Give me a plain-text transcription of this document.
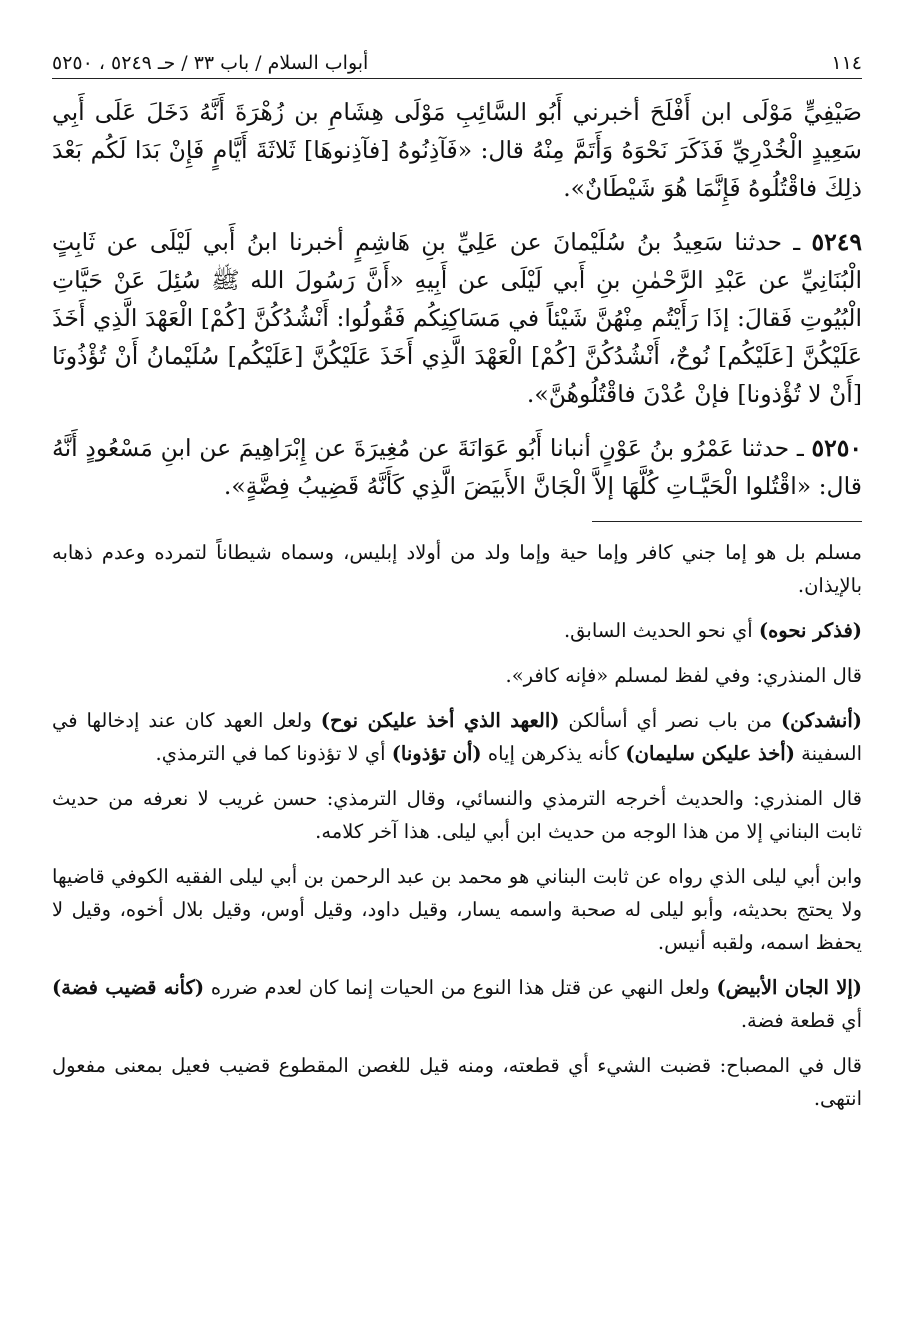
١١٤
أبواب السلام / باب ٣٣ / حـ ٥٢٤٩ ، ٥٢٥٠

صَيْفِيٍّ مَوْلَى ابن أَفْلَحَ أخبرني أَبُو السَّائِبِ مَوْلَى هِشَامِ بن زُهْرَةَ أَنَّهُ دَخَلَ عَلَى أَبِي سَعِيدٍ الْخُدْرِيِّ فَذَكَرَ نَحْوَهُ وَأَتَمَّ مِنْهُ قال: «فَآذِنُوهُ [فآذِنوهَا] ثَلاثَةَ أَيَّامٍ فَإِنْ بَدَا لَكُم بَعْدَ ذلِكَ فاقْتُلُوهُ فَإِنَّمَا هُوَ شَيْطَانٌ».

٥٢٤٩ ـ حدثنا سَعِيدُ بنُ سُلَيْمانَ عن عَلِيِّ بنِ هَاشِمٍ أخبرنا ابنُ أَبي لَيْلَى عن ثَابِتٍ الْبُنَانِيِّ عن عَبْدِ الرَّحْمٰنِ بنِ أَبي لَيْلَى عن أَبِيهِ «أَنَّ رَسُولَ الله ﷺ سُئِلَ عَنْ حَيَّاتِ الْبُيُوتِ فَقالَ: إذَا رَأَيْتُم مِنْهُنَّ شَيْئاً في مَسَاكِنِكُم فَقُولُوا: أَنْشُدُكُنَّ [كُمْ] الْعَهْدَ الَّذِي أَخَذَ عَلَيْكُنَّ [عَلَيْكُم] نُوحٌ، أَنْشُدُكُنَّ [كُمْ] الْعَهْدَ الَّذِي أَخَذَ عَلَيْكُنَّ [عَلَيْكُم] سُلَيْمانُ أَنْ تُؤْذُونَا [أَنْ لا تُؤْذونا] فإنْ عُدْنَ فاقْتُلُوهُنَّ».

٥٢٥٠ ـ حدثنا عَمْرُو بنُ عَوْنٍ أنبانا أَبُو عَوَانَةَ عن مُغِيرَةَ عن إِبْرَاهِيمَ عن ابنِ مَسْعُودٍ أَنَّهُ قال: «اقْتُلوا الْحَيَّـاتِ كُلَّهَا إلاَّ الْجَانَّ الأَبيَضَ الَّذِي كَأَنَّهُ قَضِيبُ فِضَّةٍ».

مسلم بل هو إما جني كافر وإما حية وإما ولد من أولاد إبليس، وسماه شيطاناً لتمرده وعدم ذهابه بالإيذان.

(فذكر نحوه) أي نحو الحديث السابق.

قال المنذري: وفي لفظ لمسلم «فإنه كافر».

(أنشدكن) من باب نصر أي أسألكن (العهد الذي أخذ عليكن نوح) ولعل العهد كان عند إدخالها في السفينة (أخذ عليكن سليمان) كأنه يذكرهن إياه (أن تؤذونا) أي لا تؤذونا كما في الترمذي.

قال المنذري: والحديث أخرجه الترمذي والنسائي، وقال الترمذي: حسن غريب لا نعرفه من حديث ثابت البناني إلا من هذا الوجه من حديث ابن أبي ليلى. هذا آخر كلامه.

وابن أبي ليلى الذي رواه عن ثابت البناني هو محمد بن عبد الرحمن بن أبي ليلى الفقيه الكوفي قاضيها ولا يحتج بحديثه، وأبو ليلى له صحبة واسمه يسار، وقيل داود، وقيل أوس، وقيل بلال أخوه، وقيل لا يحفظ اسمه، ولقبه أنيس.

(إلا الجان الأبيض) ولعل النهي عن قتل هذا النوع من الحيات إنما كان لعدم ضرره (كأنه قضيب فضة) أي قطعة فضة.

قال في المصباح: قضبت الشيء أي قطعته، ومنه قيل للغصن المقطوع قضيب فعيل بمعنى مفعول انتهى.
